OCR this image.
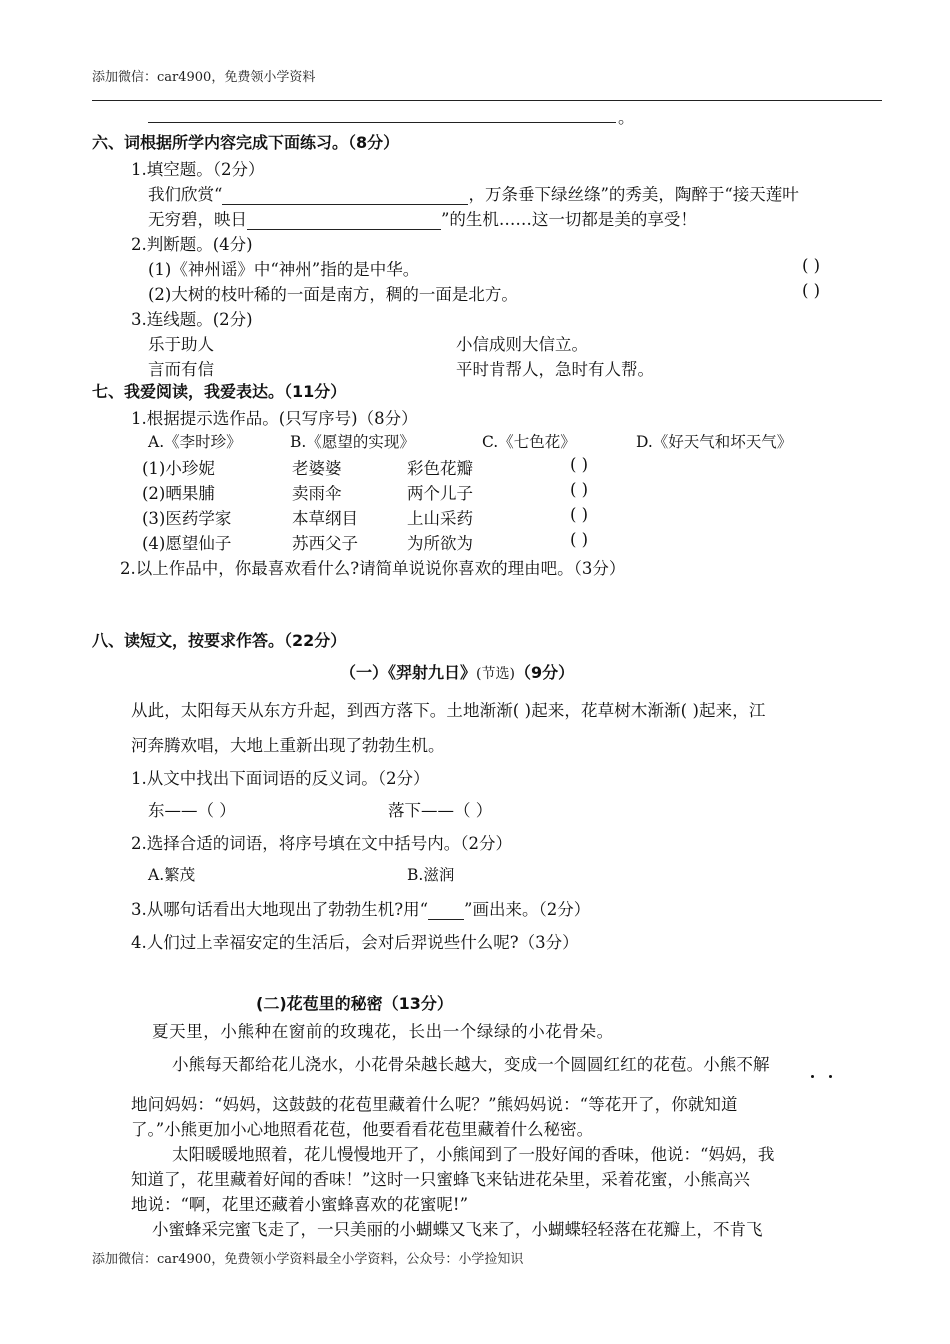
添加微信：car4900，免费领小学资料
。
六、词根据所学内容完成下面练习。（8分）
1.填空题。（2分）
我们欣赏“	，万条垂下绿丝绦”的秀美，陶醉于“接天莲叶
无穷碧，映日	”的生机……这一切都是美的享受！
2.判断题。(4分)
(1)《神州谣》中“神州”指的是中华。	( )
(2)大树的枝叶稀的一面是南方，稠的一面是北方。	( )
3.连线题。(2分)
乐于助人	小信成则大信立。
言而有信	平时肯帮人，急时有人帮。
七、我爱阅读，我爱表达。（11分）
1.根据提示选作品。(只写序号)（8分）
A.《李时珍》	B.《愿望的实现》	C.《七色花》	D.《好天气和坏天气》
(1)小珍妮	老婆婆	彩色花瓣	( )
(2)晒果脯	卖雨伞	两个儿子	( )
(3)医药学家	本草纲目	上山采药	( )
(4)愿望仙子	苏西父子	为所欲为	( )
2.以上作品中，你最喜欢看什么?请简单说说你喜欢的理由吧。（3分）
八、读短文，按要求作答。（22分）
（一）《羿射九日》(节选)（9分）
从此，太阳每天从东方升起，到西方落下。土地渐渐( )起来，花草树木渐渐( )起来，江
河奔腾欢唱，大地上重新出现了勃勃生机。
1.从文中找出下面词语的反义词。（2分）
东——（ ）	落下——（ ）
2.选择合适的词语，将序号填在文中括号内。（2分）
A.繁茂	B.滋润
3.从哪句话看出大地现出了勃勃生机?用“ ”画出来。（2分）
4.人们过上幸福安定的生活后，会对后羿说些什么呢?（3分）
(二)花苞里的秘密（13分）
夏天里，小熊种在窗前的玫瑰花，长出一个绿绿的小花骨朵。
小熊每天都给花儿浇水，小花骨朵越长越大，变成一个圆圆红红的花苞。小熊不解
地问妈妈：“妈妈，这鼓鼓的花苞里藏着什么呢？”熊妈妈说：“等花开了，你就知道
了。”小熊更加小心地照看花苞，他要看看花苞里藏着什么秘密。
太阳暖暖地照着，花儿慢慢地开了，小熊闻到了一股好闻的香味，他说：“妈妈，我
知道了，花里藏着好闻的香味！”这时一只蜜蜂飞来钻进花朵里，采着花蜜，小熊高兴
地说：“啊，花里还藏着小蜜蜂喜欢的花蜜呢!”
小蜜蜂采完蜜飞走了，一只美丽的小蝴蝶又飞来了，小蝴蝶轻轻落在花瓣上，不肯飞
添加微信：car4900，免费领小学资料最全小学资料，公众号：小学捡知识
